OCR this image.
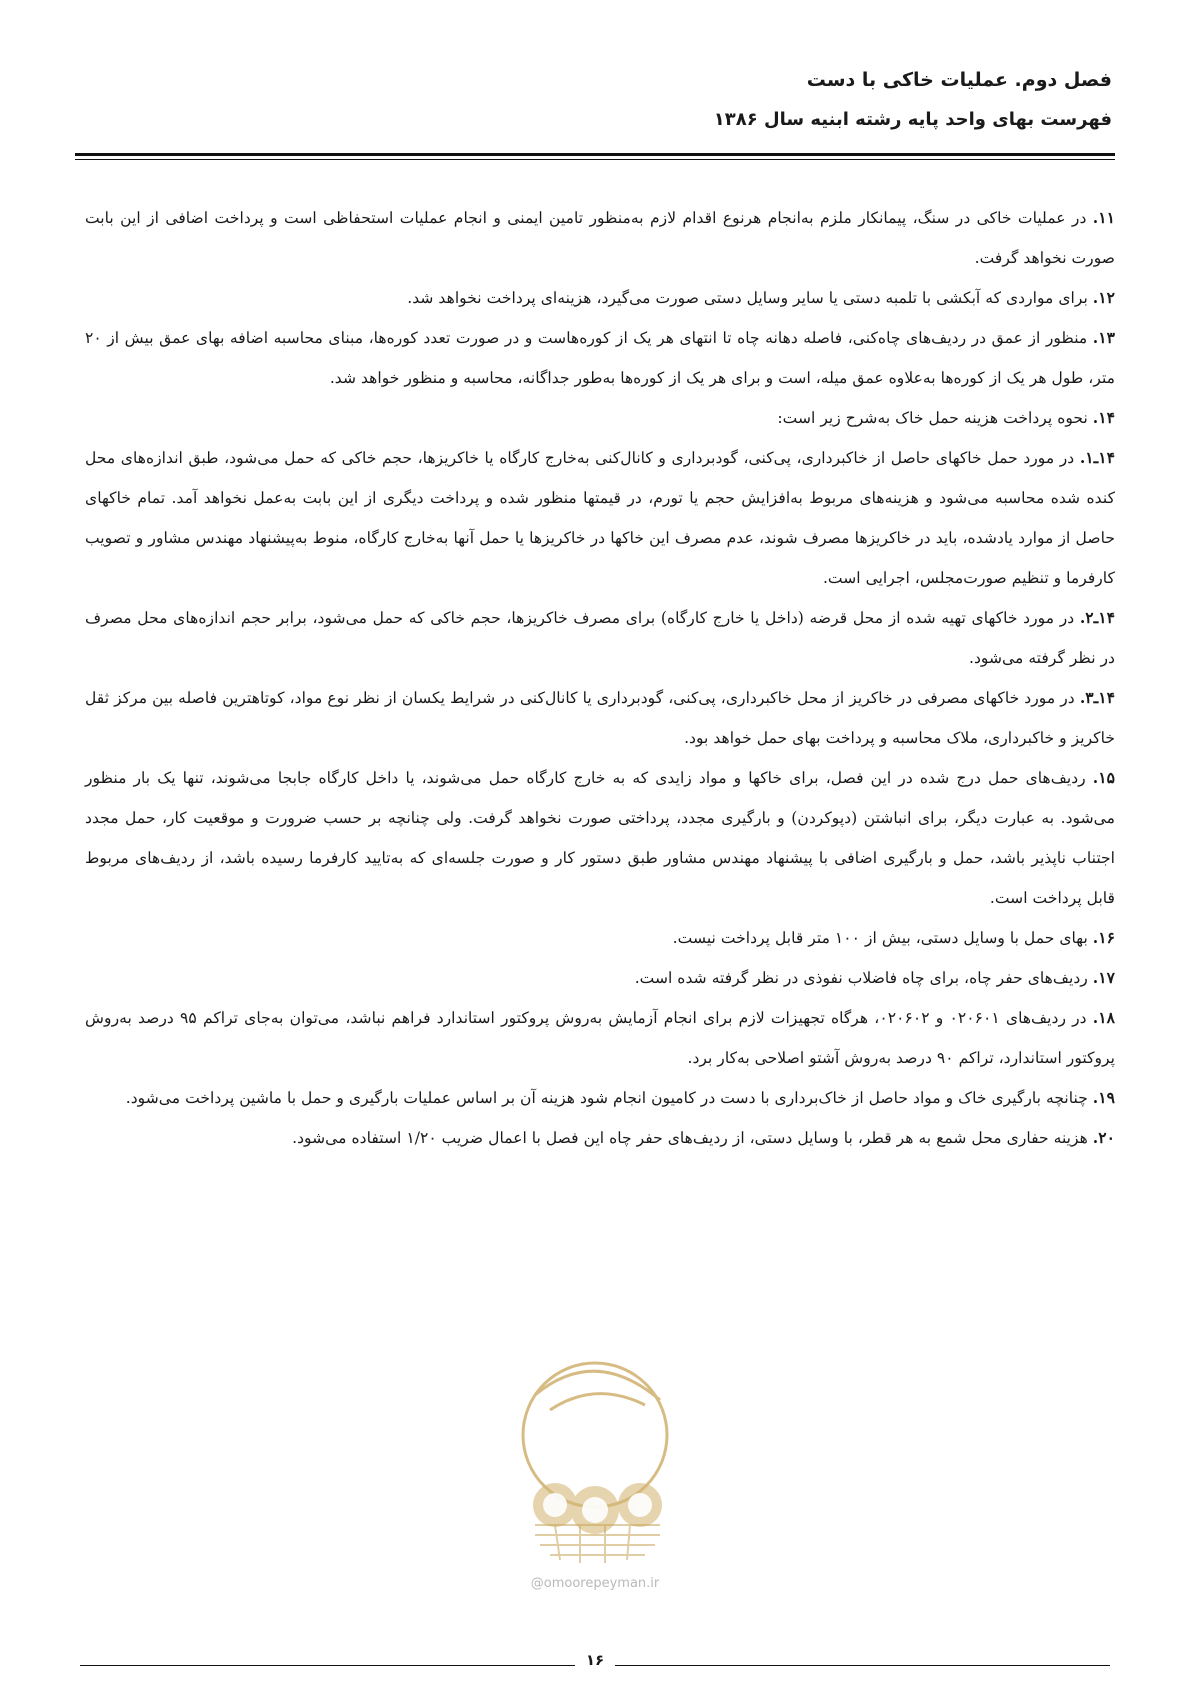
فصل دوم. عملیات خاکی با دست
فهرست بهای واحد پایه رشته ابنیه سال ۱۳۸۶

۱۱. در عملیات خاکی در سنگ، پیمانکار ملزم به‌انجام هرنوع اقدام لازم به‌منظور تامین ایمنی و انجام عملیات استحفاظی است و پرداخت اضافی از این بابت صورت نخواهد گرفت.

۱۲. برای مواردی که آبکشی با تلمبه دستی یا سایر وسایل دستی صورت می‌گیرد، هزینه‌ای پرداخت نخواهد شد.

۱۳. منظور از عمق در ردیف‌های چاه‌کنی، فاصله دهانه چاه تا انتهای هر یک از کوره‌هاست و در صورت تعدد کوره‌ها، مبنای محاسبه اضافه بهای عمق بیش از ۲۰ متر، طول هر یک از کوره‌ها به‌علاوه عمق میله، است و برای هر یک از کوره‌ها به‌طور جداگانه، محاسبه و منظور خواهد شد.

۱۴. نحوه پرداخت هزینه حمل خاک به‌شرح زیر است:

۱۴ـ۱. در مورد حمل خاکهای حاصل از خاکبرداری، پی‌کنی، گودبرداری و کانال‌کنی به‌خارج کارگاه یا خاکریزها، حجم خاکی که حمل می‌شود، طبق اندازه‌های محل کنده شده محاسبه می‌شود و هزینه‌های مربوط به‌افزایش حجم یا تورم، در قیمتها منظور شده و پرداخت دیگری از این بابت به‌عمل نخواهد آمد. تمام خاکهای حاصل از موارد یادشده، باید در خاکریزها مصرف شوند، عدم مصرف این خاکها در خاکریزها یا حمل آنها به‌خارج کارگاه، منوط به‌پیشنهاد مهندس مشاور و تصویب کارفرما و تنظیم صورت‌مجلس، اجرایی است.

۱۴ـ۲. در مورد خاکهای تهیه شده از محل قرضه (داخل یا خارج کارگاه) برای مصرف خاکریزها، حجم خاکی که حمل می‌شود، برابر حجم اندازه‌های محل مصرف در نظر گرفته می‌شود.

۱۴ـ۳. در مورد خاکهای مصرفی در خاکریز از محل خاکبرداری، پی‌کنی، گودبرداری یا کانال‌کنی در شرایط یکسان از نظر نوع مواد، کوتاهترین فاصله بین مرکز ثقل خاکریز و خاکبرداری، ملاک محاسبه و پرداخت بهای حمل خواهد بود.

۱۵. ردیف‌های حمل درج شده در این فصل، برای خاکها و مواد زایدی که به خارج کارگاه حمل می‌شوند، یا داخل کارگاه جابجا می‌شوند، تنها یک بار منظور می‌شود. به عبارت دیگر، برای انباشتن (دپوکردن) و بارگیری مجدد، پرداختی صورت نخواهد گرفت. ولی چنانچه بر حسب ضرورت و موقعیت کار، حمل مجدد اجتناب ناپذیر باشد، حمل و بارگیری اضافی با پیشنهاد مهندس مشاور طبق دستور کار و صورت جلسه‌ای که به‌تایید کارفرما رسیده باشد، از ردیف‌های مربوط قابل پرداخت است.

۱۶. بهای حمل با وسایل دستی، بیش از ۱۰۰ متر قابل پرداخت نیست.

۱۷. ردیف‌های حفر چاه، برای چاه فاضلاب نفوذی در نظر گرفته شده است.

۱۸. در ردیف‌های ۰۲۰۶۰۱ و ۰۲۰۶۰۲، هرگاه تجهیزات لازم برای انجام آزمایش به‌روش پروکتور استاندارد فراهم نباشد، می‌توان به‌جای تراکم ۹۵ درصد به‌روش پروکتور استاندارد، تراکم ۹۰ درصد به‌روش آشتو اصلاحی به‌کار برد.

۱۹. چنانچه بارگیری خاک و مواد حاصل از خاک‌برداری با دست در کامیون انجام شود هزینه آن بر اساس عملیات بارگیری و حمل با ماشین پرداخت می‌شود.

۲۰. هزینه حفاری محل شمع به هر قطر، با وسایل دستی، از ردیف‌های حفر چاه این فصل با اعمال ضریب ۱/۲۰ استفاده می‌شود.

@omoorepeyman.ir
۱۶
